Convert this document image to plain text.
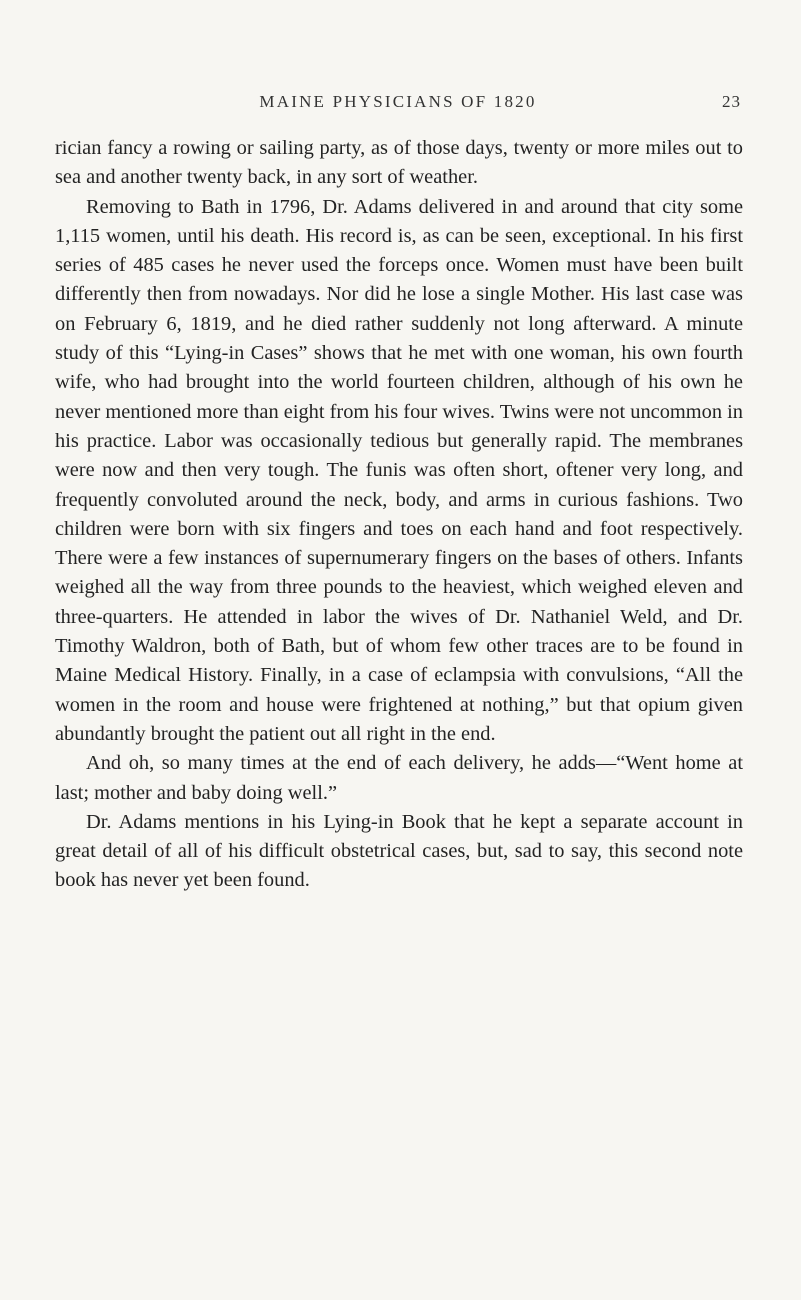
MAINE PHYSICIANS OF 1820	23

rician fancy a rowing or sailing party, as of those days, twenty or more miles out to sea and another twenty back, in any sort of weather.

Removing to Bath in 1796, Dr. Adams delivered in and around that city some 1,115 women, until his death. His record is, as can be seen, exceptional. In his first series of 485 cases he never used the forceps once. Women must have been built differently then from nowadays. Nor did he lose a single Mother. His last case was on February 6, 1819, and he died rather suddenly not long afterward. A minute study of this “Lying-in Cases” shows that he met with one woman, his own fourth wife, who had brought into the world fourteen children, although of his own he never mentioned more than eight from his four wives. Twins were not uncommon in his practice. Labor was occasionally tedious but generally rapid. The membranes were now and then very tough. The funis was often short, oftener very long, and frequently convoluted around the neck, body, and arms in curious fashions. Two children were born with six fingers and toes on each hand and foot respectively. There were a few instances of supernumerary fingers on the bases of others. Infants weighed all the way from three pounds to the heaviest, which weighed eleven and three-quarters. He attended in labor the wives of Dr. Nathaniel Weld, and Dr. Timothy Waldron, both of Bath, but of whom few other traces are to be found in Maine Medical History. Finally, in a case of eclampsia with convulsions, “All the women in the room and house were frightened at nothing,” but that opium given abundantly brought the patient out all right in the end.

And oh, so many times at the end of each delivery, he adds—“Went home at last; mother and baby doing well.”

Dr. Adams mentions in his Lying-in Book that he kept a separate account in great detail of all of his difficult obstetrical cases, but, sad to say, this second note book has never yet been found.
